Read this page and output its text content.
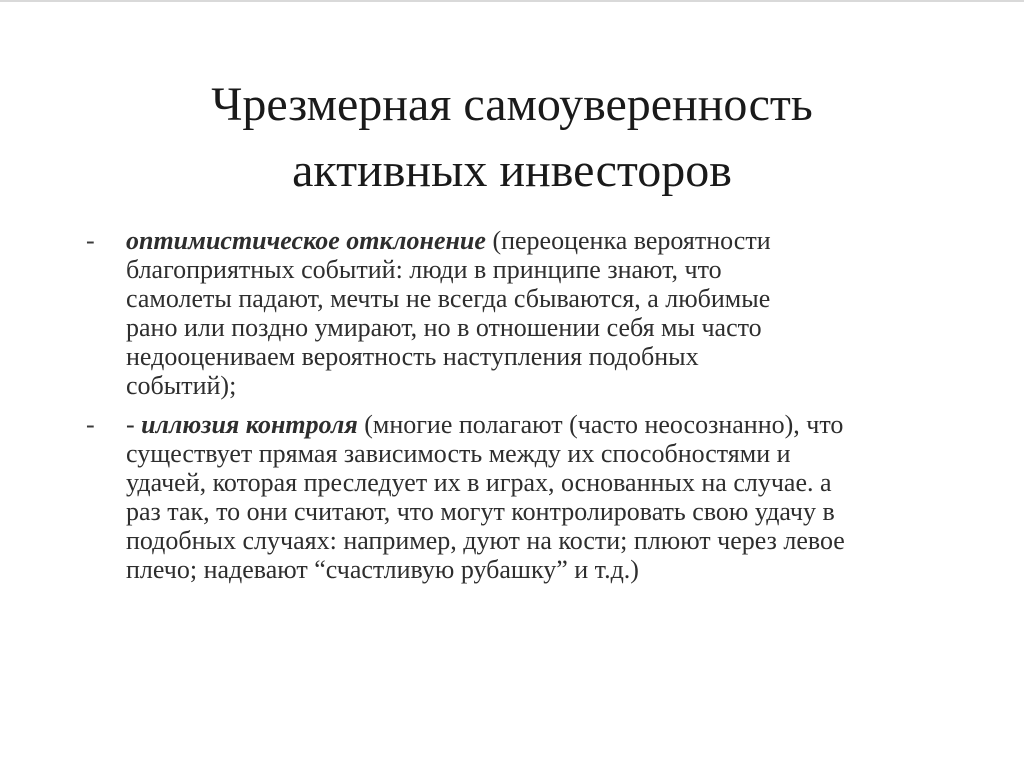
Чрезмерная самоуверенность
активных инвесторов
-	оптимистическое отклонение (переоценка вероятности
благоприятных событий: люди в принципе знают, что
самолеты падают, мечты не всегда сбываются, а любимые
рано или поздно умирают, но в отношении себя мы часто
недооцениваем вероятность наступления подобных
событий);
-	- иллюзия контроля (многие полагают (часто неосознанно), что
существует прямая зависимость между их способностями и
удачей, которая преследует их в играх, основанных на случае. а
раз так, то они считают, что могут контролировать свою удачу в
подобных случаях: например, дуют на кости; плюют через левое
плечо; надевают “счастливую рубашку” и т.д.)
